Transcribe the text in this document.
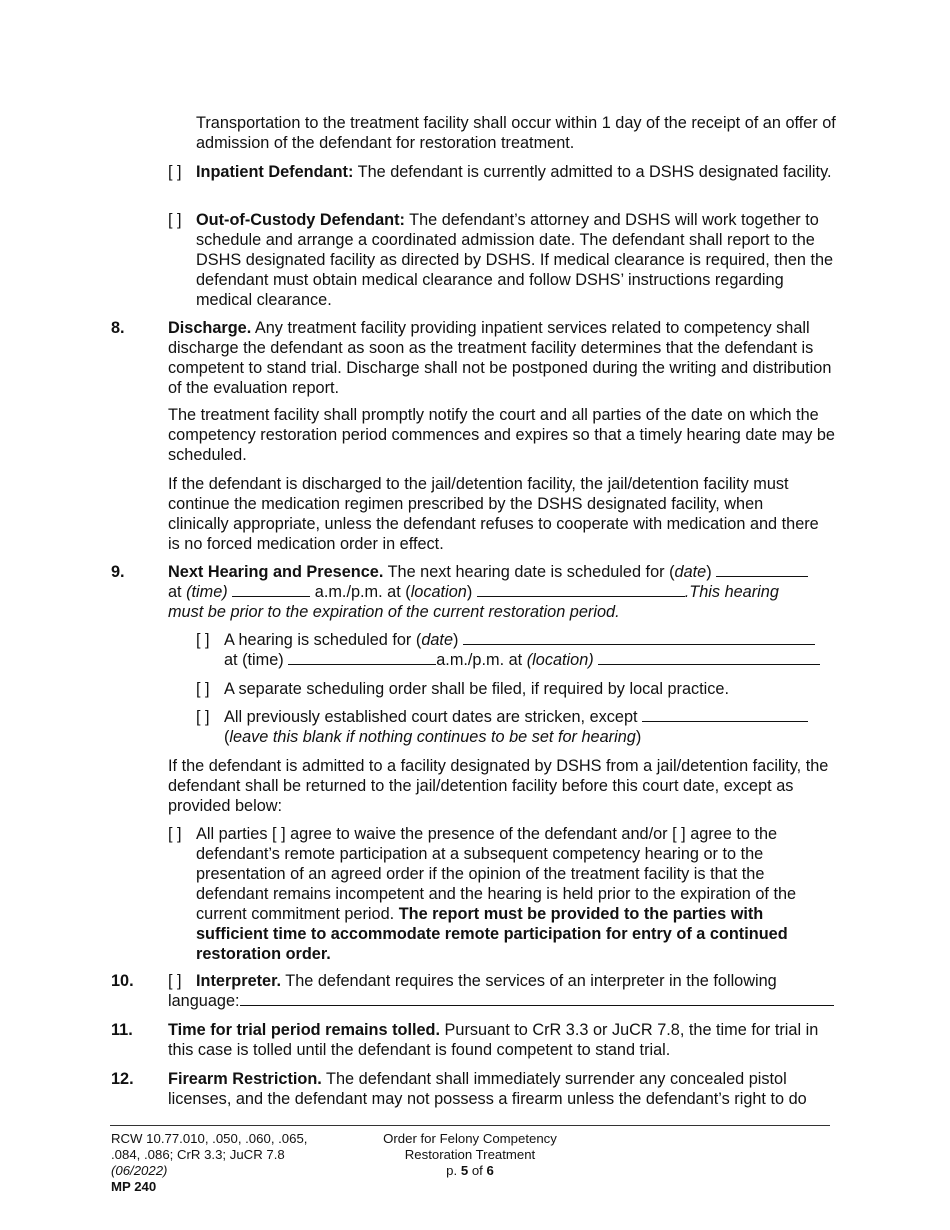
Transportation to the treatment facility shall occur within 1 day of the receipt of an offer of admission of the defendant for restoration treatment.

[ ] Inpatient Defendant: The defendant is currently admitted to a DSHS designated facility.

[ ] Out-of-Custody Defendant: The defendant’s attorney and DSHS will work together to schedule and arrange a coordinated admission date. The defendant shall report to the DSHS designated facility as directed by DSHS. If medical clearance is required, then the defendant must obtain medical clearance and follow DSHS’ instructions regarding medical clearance.

8.	Discharge. Any treatment facility providing inpatient services related to competency shall discharge the defendant as soon as the treatment facility determines that the defendant is competent to stand trial. Discharge shall not be postponed during the writing and distribution of the evaluation report.

The treatment facility shall promptly notify the court and all parties of the date on which the competency restoration period commences and expires so that a timely hearing date may be scheduled.

If the defendant is discharged to the jail/detention facility, the jail/detention facility must continue the medication regimen prescribed by the DSHS designated facility, when clinically appropriate, unless the defendant refuses to cooperate with medication and there is no forced medication order in effect.

9.	Next Hearing and Presence. The next hearing date is scheduled for (date)

at (time)	a.m./p.m. at (location)	.This hearing

must be prior to the expiration of the current restoration period.

[ ] A hearing is scheduled for (date)

at (time)	a.m./p.m. at (location)

[ ] A separate scheduling order shall be filed, if required by local practice.

[ ] All previously established court dates are stricken, except

(leave this blank if nothing continues to be set for hearing)

If the defendant is admitted to a facility designated by DSHS from a jail/detention facility, the defendant shall be returned to the jail/detention facility before this court date, except as provided below:

[ ] All parties [ ] agree to waive the presence of the defendant and/or [ ] agree to the defendant’s remote participation at a subsequent competency hearing or to the presentation of an agreed order if the opinion of the treatment facility is that the defendant remains incompetent and the hearing is held prior to the expiration of the current commitment period. The report must be provided to the parties with sufficient time to accommodate remote participation for entry of a continued restoration order.

10. [ ] Interpreter. The defendant requires the services of an interpreter in the following

language:

11. Time for trial period remains tolled. Pursuant to CrR 3.3 or JuCR 7.8, the time for trial in this case is tolled until the defendant is found competent to stand trial.

12. Firearm Restriction. The defendant shall immediately surrender any concealed pistol licenses, and the defendant may not possess a firearm unless the defendant’s right to do

RCW 10.77.010, .050, .060, .065,
.084, .086; CrR 3.3; JuCR 7.8
(06/2022)
MP 240
Order for Felony Competency
Restoration Treatment
p. 5 of 6
